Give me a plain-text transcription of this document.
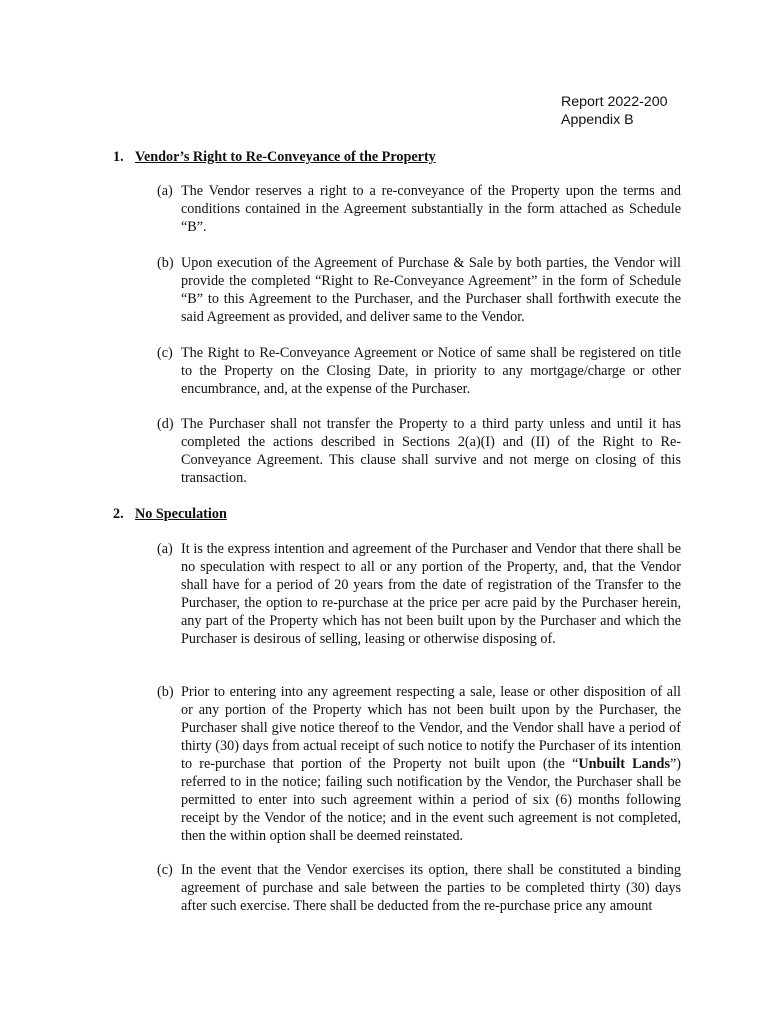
Report 2022-200
Appendix B
1. Vendor’s Right to Re-Conveyance of the Property
(a) The Vendor reserves a right to a re-conveyance of the Property upon the terms and conditions contained in the Agreement substantially in the form attached as Schedule “B”.
(b) Upon execution of the Agreement of Purchase & Sale by both parties, the Vendor will provide the completed “Right to Re-Conveyance Agreement” in the form of Schedule “B” to this Agreement to the Purchaser, and the Purchaser shall forthwith execute the said Agreement as provided, and deliver same to the Vendor.
(c) The Right to Re-Conveyance Agreement or Notice of same shall be registered on title to the Property on the Closing Date, in priority to any mortgage/charge or other encumbrance, and, at the expense of the Purchaser.
(d) The Purchaser shall not transfer the Property to a third party unless and until it has completed the actions described in Sections 2(a)(I) and (II) of the Right to Re-Conveyance Agreement. This clause shall survive and not merge on closing of this transaction.
2. No Speculation
(a) It is the express intention and agreement of the Purchaser and Vendor that there shall be no speculation with respect to all or any portion of the Property, and, that the Vendor shall have for a period of 20 years from the date of registration of the Transfer to the Purchaser, the option to re-purchase at the price per acre paid by the Purchaser herein, any part of the Property which has not been built upon by the Purchaser and which the Purchaser is desirous of selling, leasing or otherwise disposing of.
(b) Prior to entering into any agreement respecting a sale, lease or other disposition of all or any portion of the Property which has not been built upon by the Purchaser, the Purchaser shall give notice thereof to the Vendor, and the Vendor shall have a period of thirty (30) days from actual receipt of such notice to notify the Purchaser of its intention to re-purchase that portion of the Property not built upon (the “Unbuilt Lands”) referred to in the notice; failing such notification by the Vendor, the Purchaser shall be permitted to enter into such agreement within a period of six (6) months following receipt by the Vendor of the notice; and in the event such agreement is not completed, then the within option shall be deemed reinstated.
(c) In the event that the Vendor exercises its option, there shall be constituted a binding agreement of purchase and sale between the parties to be completed thirty (30) days after such exercise. There shall be deducted from the re-purchase price any amount
